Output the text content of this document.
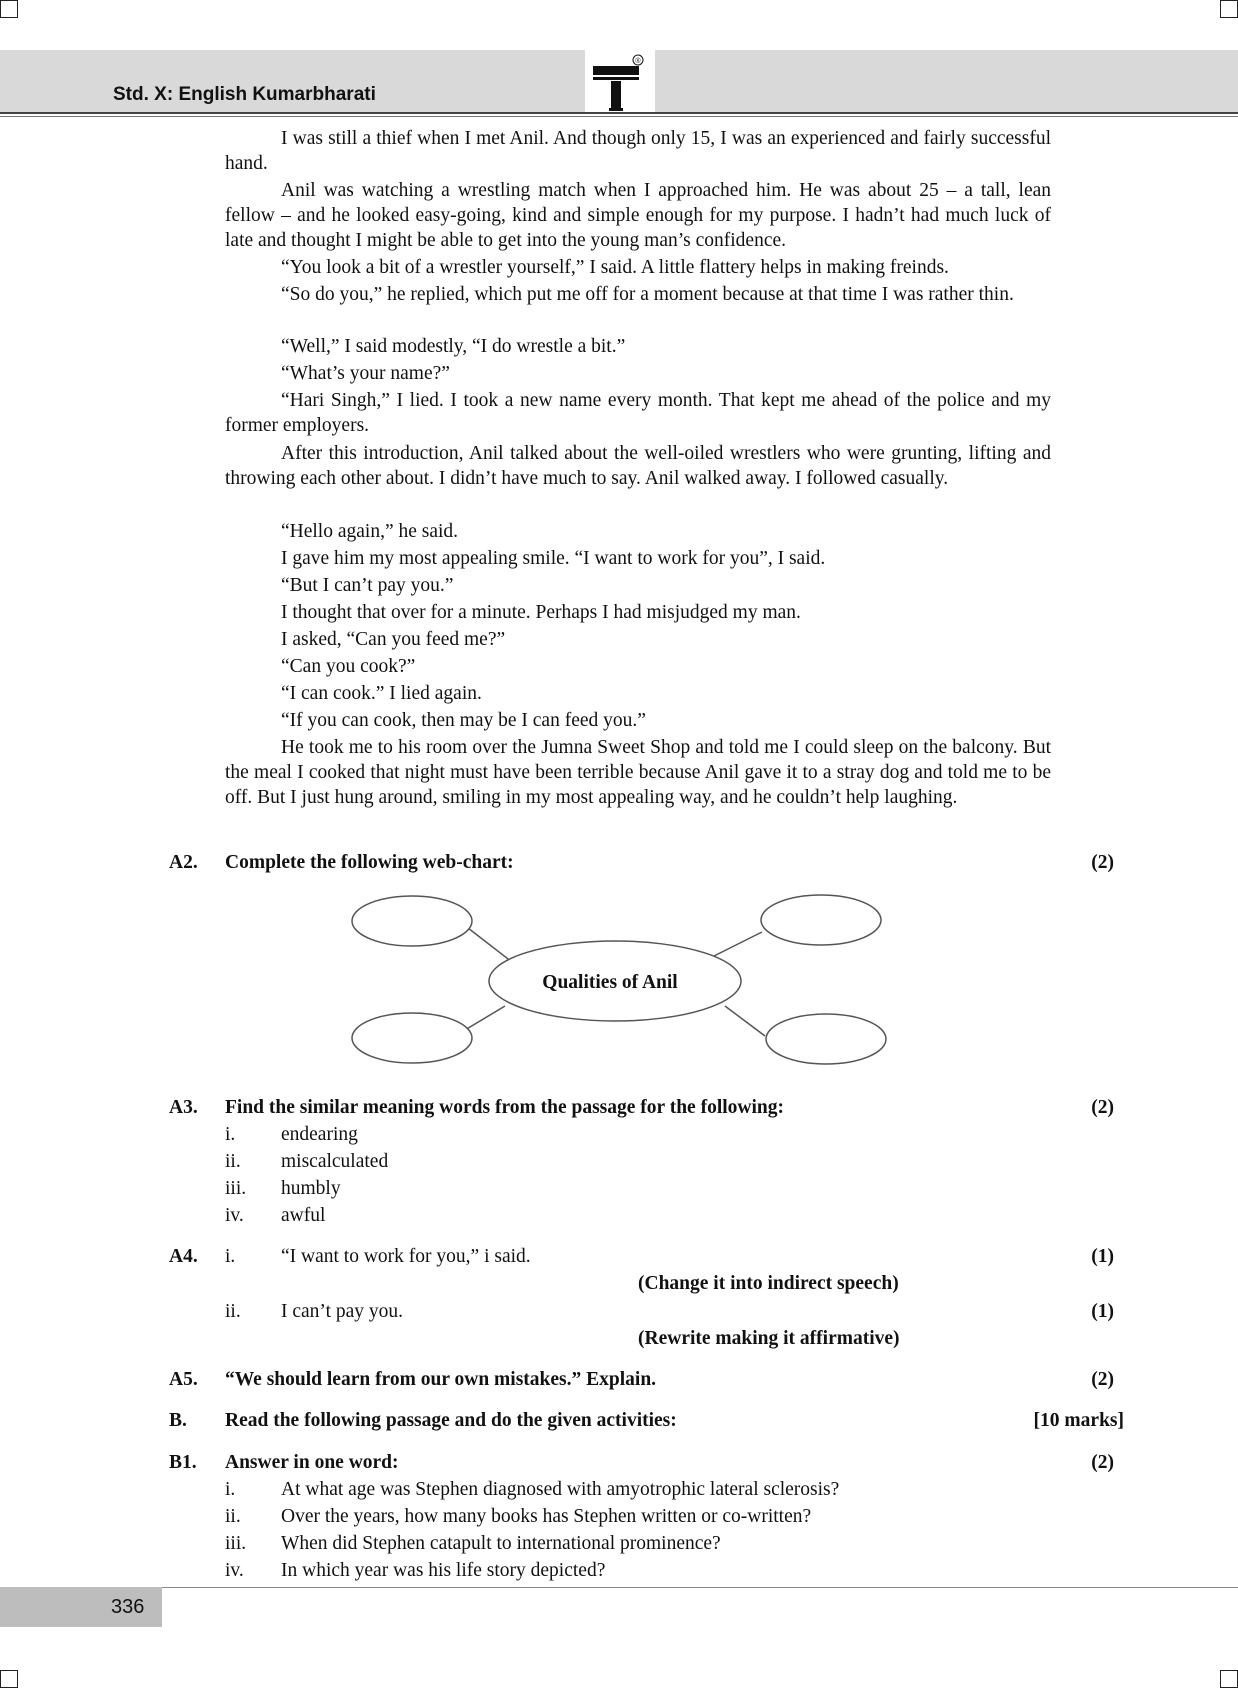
Std. X: English Kumarbharati
®
I was still a thief when I met Anil. And though only 15, I was an experienced and fairly successful hand.
Anil was watching a wrestling match when I approached him. He was about 25 – a tall, lean fellow – and he looked easy-going, kind and simple enough for my purpose. I hadn’t had much luck of late and thought I might be able to get into the young man’s confidence.
“You look a bit of a wrestler yourself,” I said. A little flattery helps in making freinds.
“So do you,” he replied, which put me off for a moment because at that time I was rather thin.
“Well,” I said modestly, “I do wrestle a bit.”
“What’s your name?”
“Hari Singh,” I lied. I took a new name every month. That kept me ahead of the police and my former employers.
After this introduction, Anil talked about the well-oiled wrestlers who were grunting, lifting and throwing each other about. I didn’t have much to say. Anil walked away. I followed casually.
“Hello again,” he said.
I gave him my most appealing smile. “I want to work for you”, I said.
“But I can’t pay you.”
I thought that over for a minute. Perhaps I had misjudged my man.
I asked, “Can you feed me?”
“Can you cook?”
“I can cook.” I lied again.
“If you can cook, then may be I can feed you.”
He took me to his room over the Jumna Sweet Shop and told me I could sleep on the balcony. But the meal I cooked that night must have been terrible because Anil gave it to a stray dog and told me to be off. But I just hung around, smiling in my most appealing way, and he couldn’t help laughing.
A2. Complete the following web-chart:	(2)
Qualities of Anil
A3. Find the similar meaning words from the passage for the following:	(2)
i. endearing
ii. miscalculated
iii. humbly
iv. awful
A4. i. “I want to work for you,” i said.	(1)
(Change it into indirect speech)
ii. I can’t pay you.	(1)
(Rewrite making it affirmative)
A5. “We should learn from our own mistakes.” Explain.	(2)
B. Read the following passage and do the given activities:	[10 marks]
B1. Answer in one word:	(2)
i. At what age was Stephen diagnosed with amyotrophic lateral sclerosis?
ii. Over the years, how many books has Stephen written or co-written?
iii. When did Stephen catapult to international prominence?
iv. In which year was his life story depicted?
336
